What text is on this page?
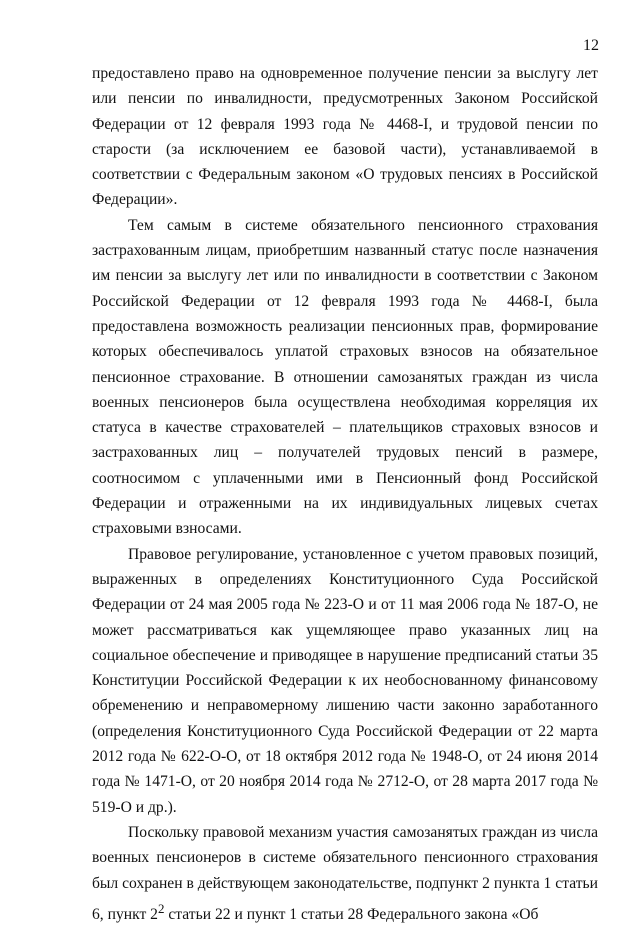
12

предоставлено право на одновременное получение пенсии за выслугу лет или пенсии по инвалидности, предусмотренных Законом Российской Федерации от 12 февраля 1993 года № 4468-I, и трудовой пенсии по старости (за исключением ее базовой части), устанавливаемой в соответствии с Федеральным законом «О трудовых пенсиях в Российской Федерации».

Тем самым в системе обязательного пенсионного страхования застрахованным лицам, приобретшим названный статус после назначения им пенсии за выслугу лет или по инвалидности в соответствии с Законом Российской Федерации от 12 февраля 1993 года № 4468-I, была предоставлена возможность реализации пенсионных прав, формирование которых обеспечивалось уплатой страховых взносов на обязательное пенсионное страхование. В отношении самозанятых граждан из числа военных пенсионеров была осуществлена необходимая корреляция их статуса в качестве страхователей – плательщиков страховых взносов и застрахованных лиц – получателей трудовых пенсий в размере, соотносимом с уплаченными ими в Пенсионный фонд Российской Федерации и отраженными на их индивидуальных лицевых счетах страховыми взносами.

Правовое регулирование, установленное с учетом правовых позиций, выраженных в определениях Конституционного Суда Российской Федерации от 24 мая 2005 года № 223-О и от 11 мая 2006 года № 187-О, не может рассматриваться как ущемляющее право указанных лиц на социальное обеспечение и приводящее в нарушение предписаний статьи 35 Конституции Российской Федерации к их необоснованному финансовому обременению и неправомерному лишению части законно заработанного (определения Конституционного Суда Российской Федерации от 22 марта 2012 года № 622-О-О, от 18 октября 2012 года № 1948-О, от 24 июня 2014 года № 1471-О, от 20 ноября 2014 года № 2712-О, от 28 марта 2017 года № 519-О и др.).

Поскольку правовой механизм участия самозанятых граждан из числа военных пенсионеров в системе обязательного пенсионного страхования был сохранен в действующем законодательстве, подпункт 2 пункта 1 статьи 6, пункт $2^2$ статьи 22 и пункт 1 статьи 28 Федерального закона «Об
